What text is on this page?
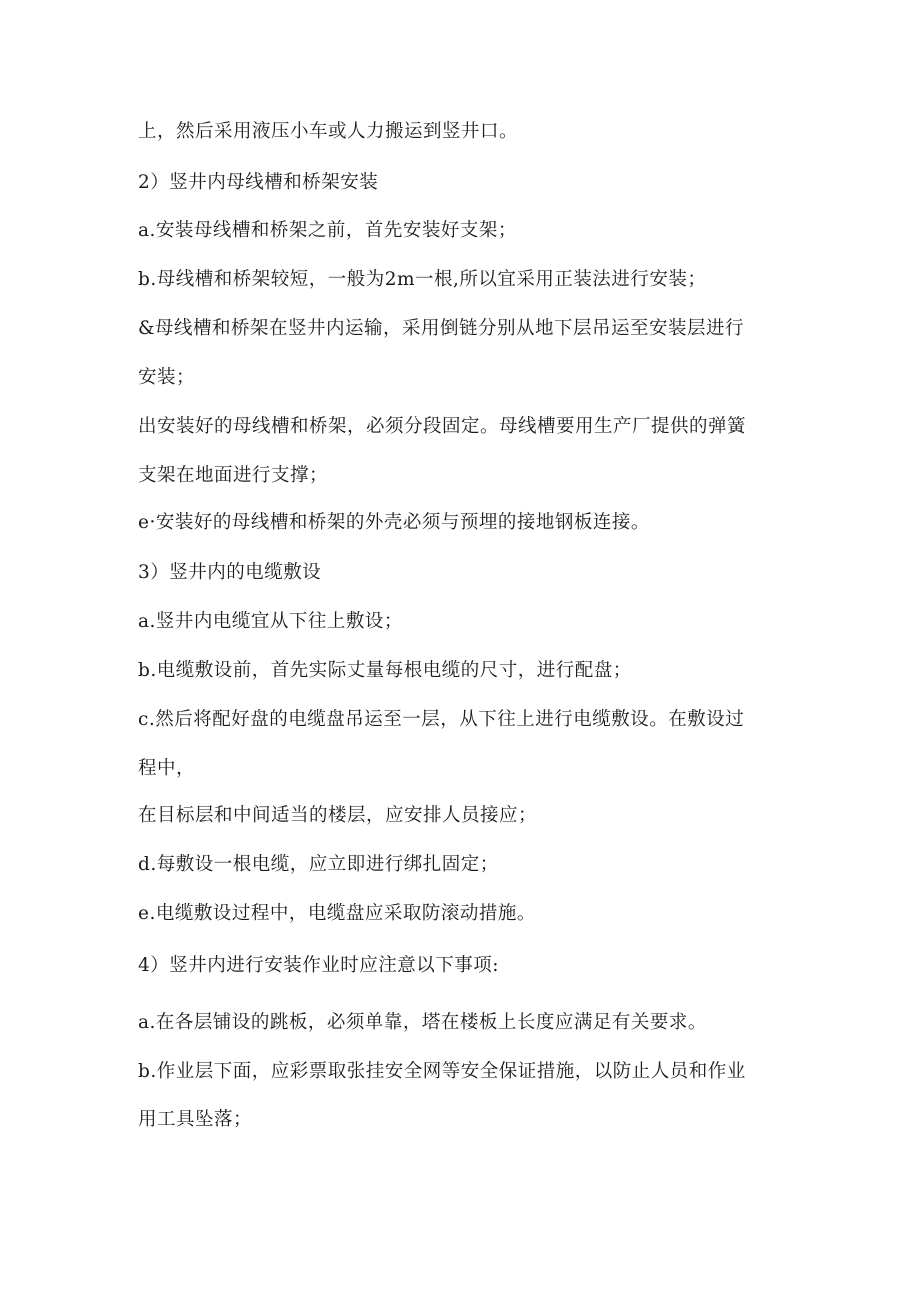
上，然后采用液压小车或人力搬运到竖井口。

2）竖井内母线槽和桥架安装

a.安装母线槽和桥架之前，首先安装好支架；

b.母线槽和桥架较短，一般为2m一根,所以宜采用正装法进行安装；

&母线槽和桥架在竖井内运输，采用倒链分别从地下层吊运至安装层进行

安装；

出安装好的母线槽和桥架，必须分段固定。母线槽要用生产厂提供的弹簧

支架在地面进行支撑；

e·安装好的母线槽和桥架的外壳必须与预埋的接地钢板连接。

3）竖井内的电缆敷设

a.竖井内电缆宜从下往上敷设；

b.电缆敷设前，首先实际丈量每根电缆的尺寸，进行配盘；

c.然后将配好盘的电缆盘吊运至一层，从下往上进行电缆敷设。在敷设过

程中，

在目标层和中间适当的楼层，应安排人员接应；

d.每敷设一根电缆，应立即进行绑扎固定；

e.电缆敷设过程中，电缆盘应采取防滚动措施。

4）竖井内进行安装作业时应注意以下事项:

a.在各层铺设的跳板，必须单靠，塔在楼板上长度应满足有关要求。

b.作业层下面，应彩票取张挂安全网等安全保证措施，以防止人员和作业

用工具坠落；
